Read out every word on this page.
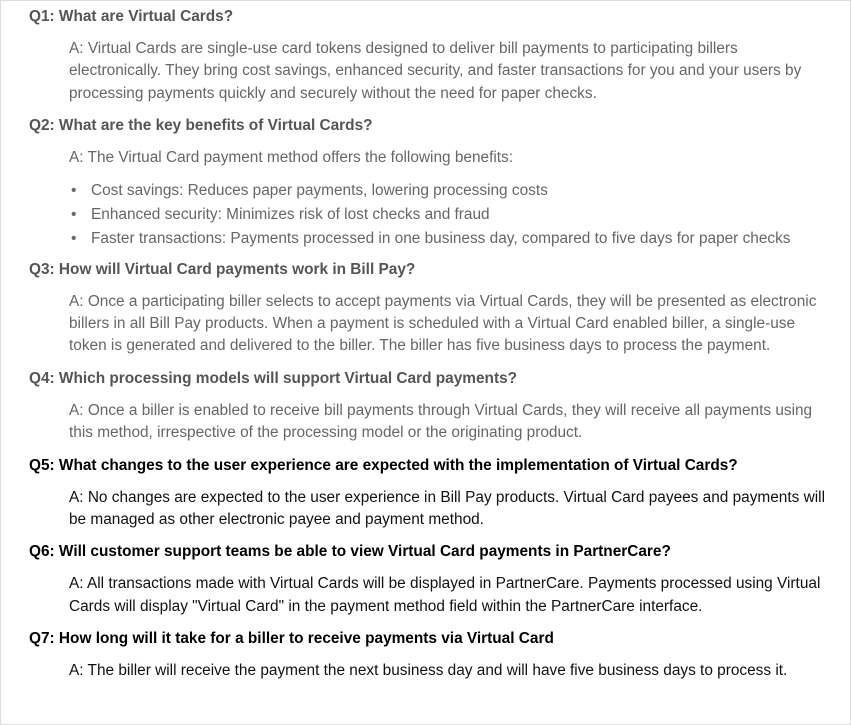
Q1: What are Virtual Cards?

A: Virtual Cards are single-use card tokens designed to deliver bill payments to participating billers electronically. They bring cost savings, enhanced security, and faster transactions for you and your users by processing payments quickly and securely without the need for paper checks.

Q2: What are the key benefits of Virtual Cards?

A: The Virtual Card payment method offers the following benefits:

• Cost savings: Reduces paper payments, lowering processing costs
• Enhanced security: Minimizes risk of lost checks and fraud
• Faster transactions: Payments processed in one business day, compared to five days for paper checks

Q3: How will Virtual Card payments work in Bill Pay?

A: Once a participating biller selects to accept payments via Virtual Cards, they will be presented as electronic billers in all Bill Pay products. When a payment is scheduled with a Virtual Card enabled biller, a single-use token is generated and delivered to the biller. The biller has five business days to process the payment.

Q4: Which processing models will support Virtual Card payments?

A: Once a biller is enabled to receive bill payments through Virtual Cards, they will receive all payments using this method, irrespective of the processing model or the originating product.

Q5: What changes to the user experience are expected with the implementation of Virtual Cards?

A: No changes are expected to the user experience in Bill Pay products. Virtual Card payees and payments will be managed as other electronic payee and payment method.

Q6: Will customer support teams be able to view Virtual Card payments in PartnerCare?

A: All transactions made with Virtual Cards will be displayed in PartnerCare. Payments processed using Virtual Cards will display "Virtual Card" in the payment method field within the PartnerCare interface.

Q7: How long will it take for a biller to receive payments via Virtual Card

A: The biller will receive the payment the next business day and will have five business days to process it.
